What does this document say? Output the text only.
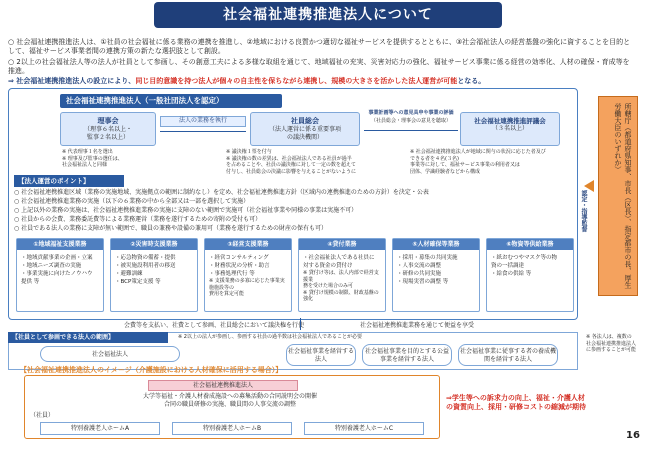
社会福祉連携推進法人について
○ 社会福祉連携推進法人は、①社員の社会福祉に係る業務の連携を推進し、②地域における良質かつ適切な福祉サービスを提供するとともに、③社会福祉法人の経営基盤の強化に資することを目的として、福祉サービス事業者間の連携方策の新たな選択肢として創設。
○ 2以上の社会福祉法人等の法人が社員として参画し、その創意工夫による多様な取組を通じて、地域福祉の充実、災害対応力の強化、福祉サービス事業に係る経営の効率化、人材の確保・育成等を推進。
⇒ 社会福祉連携推進法人の設立により、同じ目的意識を持つ法人が個々の自主性を保ちながら連携し、規模の大きさを活かした法人運営が可能となる。
社会福祉連携推進法人（一般社団法人を認定）
理事会
（理事６名以上・
監事２名以上）
社員総会
（法人運営に係る重要事項
の議決機関）
社会福祉連携推進評議会
（３名以上）
法人の業務を執行
事業計画等への意見具申や事業の評価
（社員総会・理事会の意見を聴取）
※ 代表理事１名を選出
※ 理事及び監事の選任は、
社会福祉法人と同様
※ 議決権１票を付与
※ 議決権の数の差異は、社会福祉法人である社員が過半
を占めることや、社員の議決権に対して一定の数を超えて
付与し、社員総会の決議に影響を与えることがないように
※ 社会福祉連携推進法人が地域に関与の状況に応じた者及び
できる者を４名(３名)
事業等に対して、福祉サービス事業の利用者又は
団体、学識経験者などから構成
【法人運営のポイント】
○ 社会福祉連携推進区域（業務の実施地域、実施拠点の範囲に制約なし）を定め、社会福祉連携推進方針（区域内の連携推進のための方針）を決定・公表
○ 社会福祉連携推進業務の実施（以下の６業務の中から全部又は一部を選択して実施）
○ 上記以外の業務の実施は、社会福祉連携推進業務の実施に支障のない範囲で実施可（社会福祉事業や同様の事業は実施不可）
○ 社員からの会費、業務委託費等による業務運営（業務を遂行するための寄附の受付も可）
○ 社員である法人の業務に支障が無い範囲で、職員の兼務や設備の兼用可（業務を遂行するための財産の保有も可）
①地域福祉支援業務
・地域貢献事業の企画・立案
・地域ニーズ調査の実施
・事業実施に向けたノウハウ
提供 等
②災害時支援業務
・応急物資の備蓄・提供
・被災施設利用者の移送
・避難訓練
・BCP策定支援 等
③経営支援業務
・経営コンサルティング
・財務状況の分析・助言
・事務処理代行 等
※ 支援業務の多寡に応じた事業実施施設等の
費用を算定可能
④貸付業務
・社会福祉法人である社員に
対する資金の貸付け
※ 貸付け等は、法人内部で経営支援業
務を受けた場合のみ可
※ 貸付け規模の制限、財政基盤の強化
⑤人材確保等業務
・採用・募集の共同実施
・人事交流の調整
・研修の共同実施
・現場実習の調整 等
⑥物資等供給業務
・紙おむつやマスク等の物
資の一括調達
・給食の供給 等	所轄庁（都道府県知事、市長（区長）、指定都市の長、厚生労働大臣のいずれか）
認定・指導監督
会費等を支払い、社費として参画、社員総会において議決権を行使	社会福祉連携推進業務を通じて便益を享受
【社員として参画できる法人の範囲】	※ 2以上の法人が参画し、参画する社員の過半数は社会福祉法人であることが必要
社会福祉法人	社会福祉事業を経営する法人
社会福祉事業を目的とする公益事業を経営する法人
社会福祉事業に従事する者の養成機関を経営する法人
※ 各法人は、複数の
社会福祉連携推進法人
に参画することが可能
【社会福祉連携推進法人のイメージ（介護施設における人材確保に活用する場合）】
社会福祉連携推進法人
大学等福祉・介護人材養成施設への募集活動の合同説明会の開催
合同の職員研修の実施、職員間の人事交流の調整
（社員）
特別養護老人ホームA	特別養護老人ホームB	特別養護老人ホームC
⇒学生等への訴求力の向上、福祉・介護人材
の資質向上、採用・研修コストの縮減が期待
16
